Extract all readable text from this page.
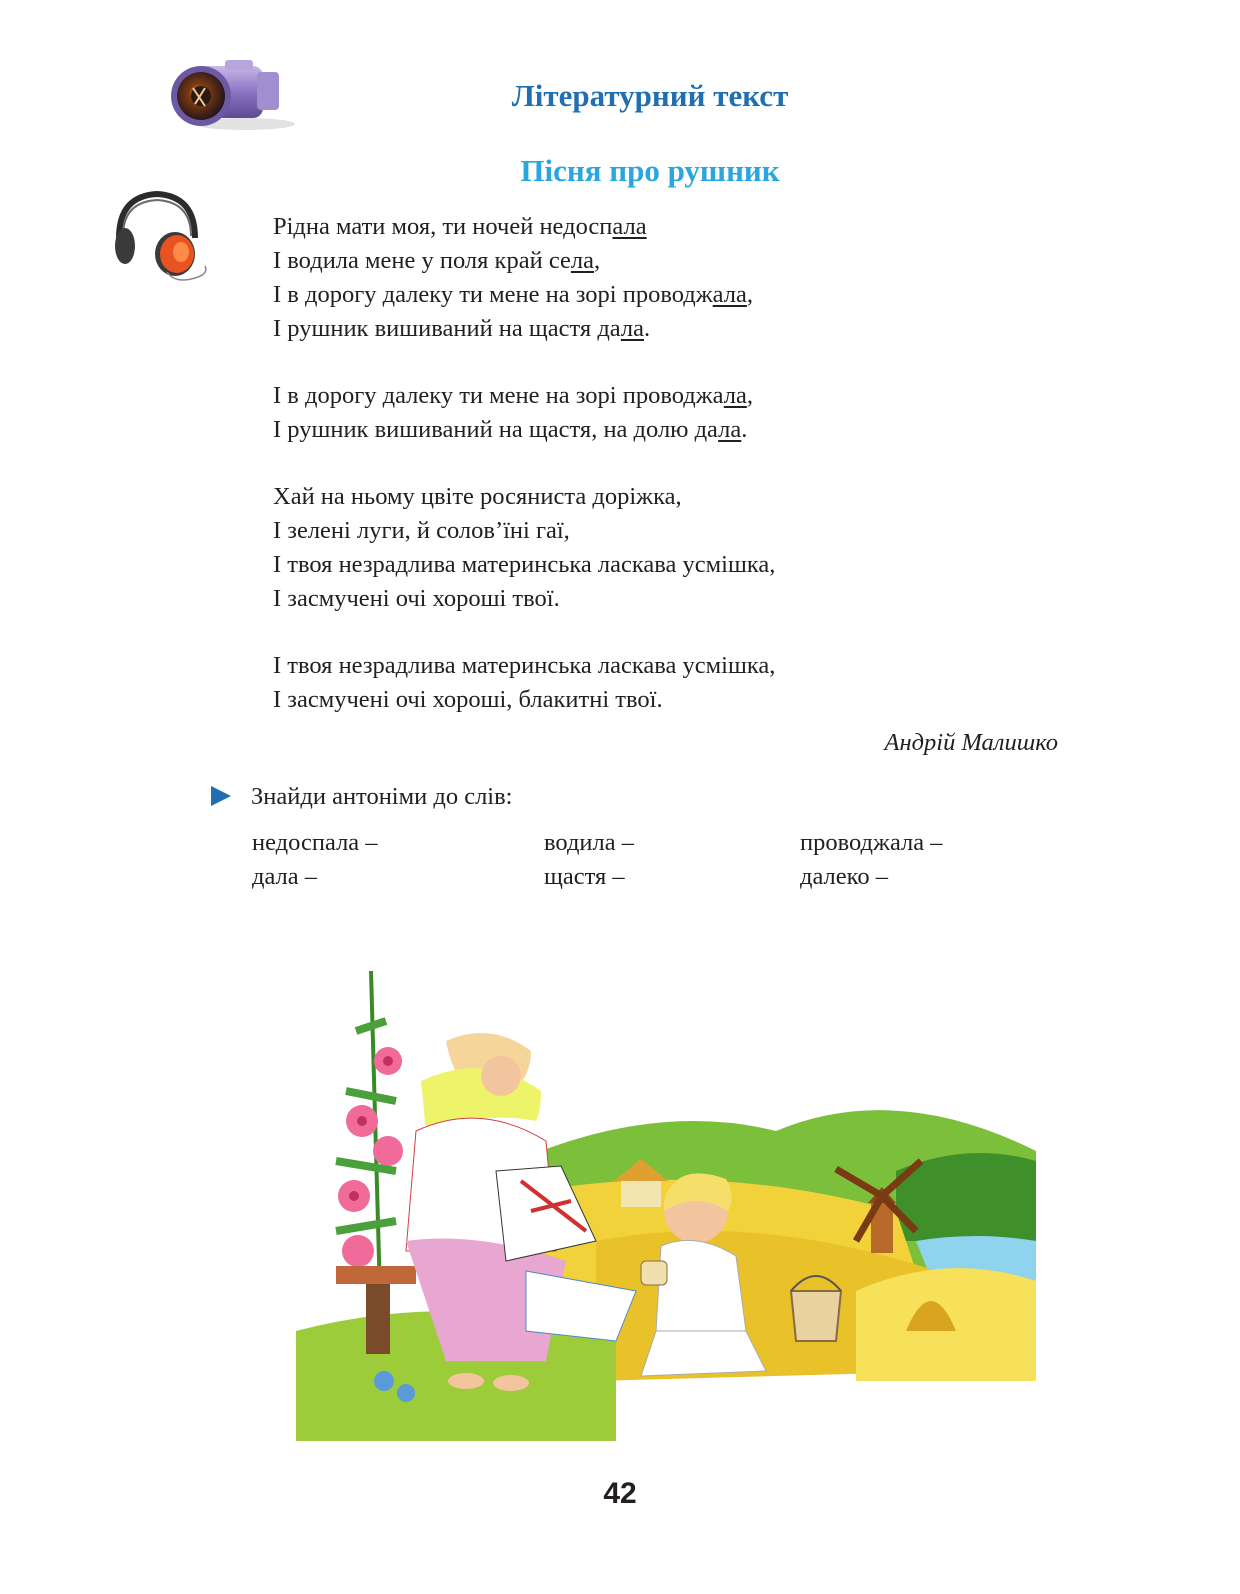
Літературний текст
Пісня про рушник
Рідна мати моя, ти ночей недоспала
І водила мене у поля край села,
І в дорогу далеку ти мене на зорі проводжала,
І рушник вишиваний на щастя дала.
І в дорогу далеку ти мене на зорі проводжала,
І рушник вишиваний на щастя, на долю дала.
Хай на ньому цвіте росяниста доріжка,
І зелені луги, й солов’їні гаї,
І твоя незрадлива материнська ласкава усмішка,
І засмучені очі хороші твої.
І твоя незрадлива материнська ласкава усмішка,
І засмучені очі хороші, блакитні твої.
Андрій Малишко
Знайди антоніми до слів:
недоспала –	водила –	проводжала –
дала –	щастя –	далеко –
42
